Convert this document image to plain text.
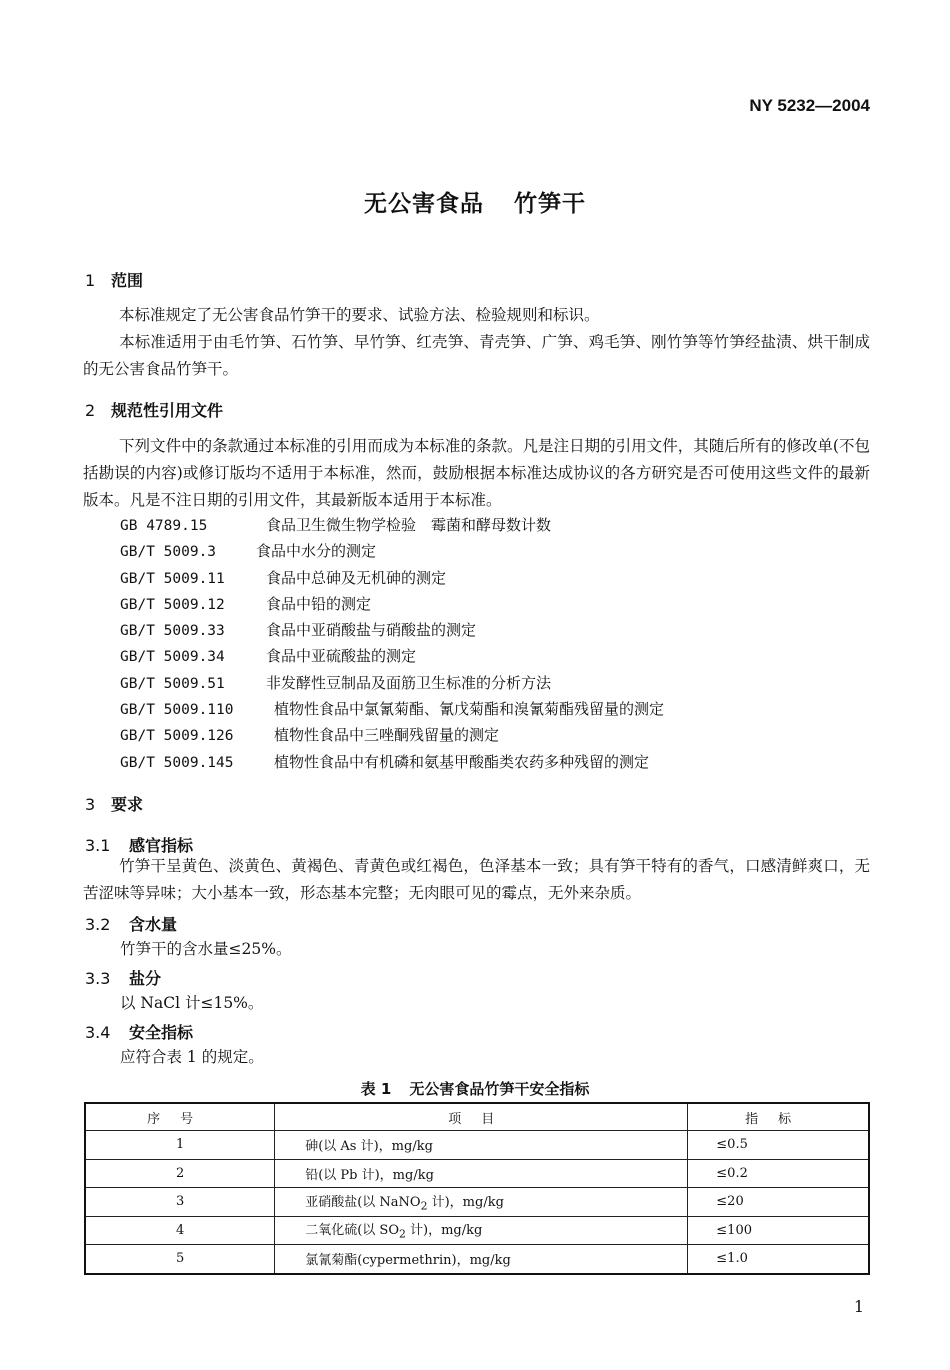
NY 5232—2004
无公害食品 竹笋干
1 范围
本标准规定了无公害食品竹笋干的要求、试验方法、检验规则和标识。
本标准适用于由毛竹笋、石竹笋、早竹笋、红壳笋、青壳笋、广笋、鸡毛笋、刚竹笋等竹笋经盐渍、烘干制成的无公害食品竹笋干。
2 规范性引用文件
下列文件中的条款通过本标准的引用而成为本标准的条款。凡是注日期的引用文件，其随后所有的修改单(不包括勘误的内容)或修订版均不适用于本标准，然而，鼓励根据本标准达成协议的各方研究是否可使用这些文件的最新版本。凡是不注日期的引用文件，其最新版本适用于本标准。
GB 4789.15	食品卫生微生物学检验　霉菌和酵母数计数
GB/T 5009.3	食品中水分的测定
GB/T 5009.11	食品中总砷及无机砷的测定
GB/T 5009.12	食品中铅的测定
GB/T 5009.33	食品中亚硝酸盐与硝酸盐的测定
GB/T 5009.34	食品中亚硫酸盐的测定
GB/T 5009.51	非发酵性豆制品及面筋卫生标准的分析方法
GB/T 5009.110	植物性食品中氯氰菊酯、氰戊菊酯和溴氰菊酯残留量的测定
GB/T 5009.126	植物性食品中三唑酮残留量的测定
GB/T 5009.145	植物性食品中有机磷和氨基甲酸酯类农药多种残留的测定
3 要求
3.1 感官指标
竹笋干呈黄色、淡黄色、黄褐色、青黄色或红褐色，色泽基本一致；具有笋干特有的香气，口感清鲜爽口，无苦涩味等异味；大小基本一致，形态基本完整；无肉眼可见的霉点，无外来杂质。
3.2 含水量
竹笋干的含水量≤25%。
3.3 盐分
以 NaCl 计≤15%。
3.4 安全指标
应符合表 1 的规定。
表 1 无公害食品竹笋干安全指标
序号	项目	指标
1	砷(以 As 计)，mg/kg	≤0.5
2	铅(以 Pb 计)，mg/kg	≤0.2
3	亚硝酸盐(以 NaNO$_2$ 计)，mg/kg	≤20
4	二氧化硫(以 $SO_2$ 计)，mg/kg	≤100
5	氯氰菊酯(cypermethrin)，mg/kg	≤1.0
1
